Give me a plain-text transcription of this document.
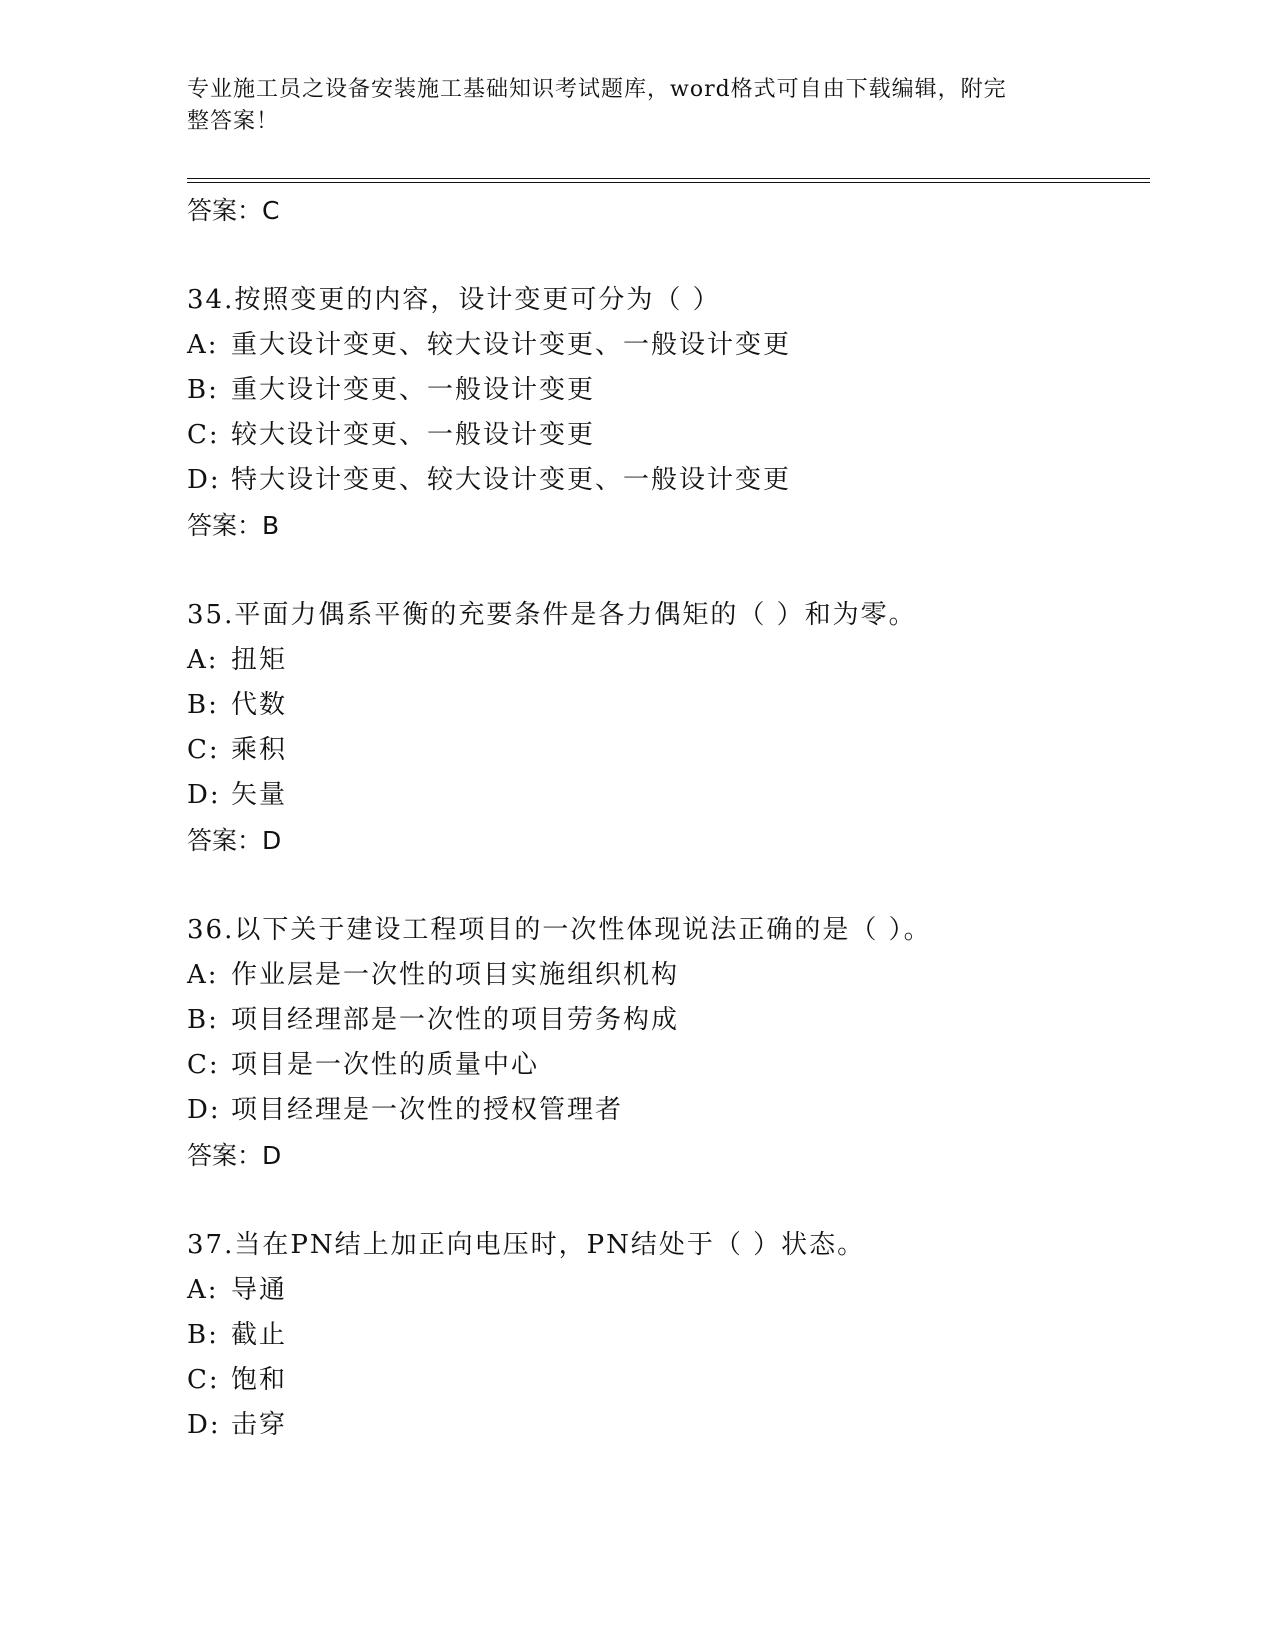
专业施工员之设备安装施工基础知识考试题库，word格式可自由下载编辑，附完
整答案！
答案：C
34.按照变更的内容，设计变更可分为（ ）
A: 重大设计变更、较大设计变更、一般设计变更
B: 重大设计变更、一般设计变更
C: 较大设计变更、一般设计变更
D: 特大设计变更、较大设计变更、一般设计变更
答案：B
35.平面力偶系平衡的充要条件是各力偶矩的（ ）和为零。
A: 扭矩
B: 代数
C: 乘积
D: 矢量
答案：D
36.以下关于建设工程项目的一次性体现说法正确的是（ ）。
A: 作业层是一次性的项目实施组织机构
B: 项目经理部是一次性的项目劳务构成
C: 项目是一次性的质量中心
D: 项目经理是一次性的授权管理者
答案：D
37.当在PN结上加正向电压时，PN结处于（ ）状态。
A: 导通
B: 截止
C: 饱和
D: 击穿
